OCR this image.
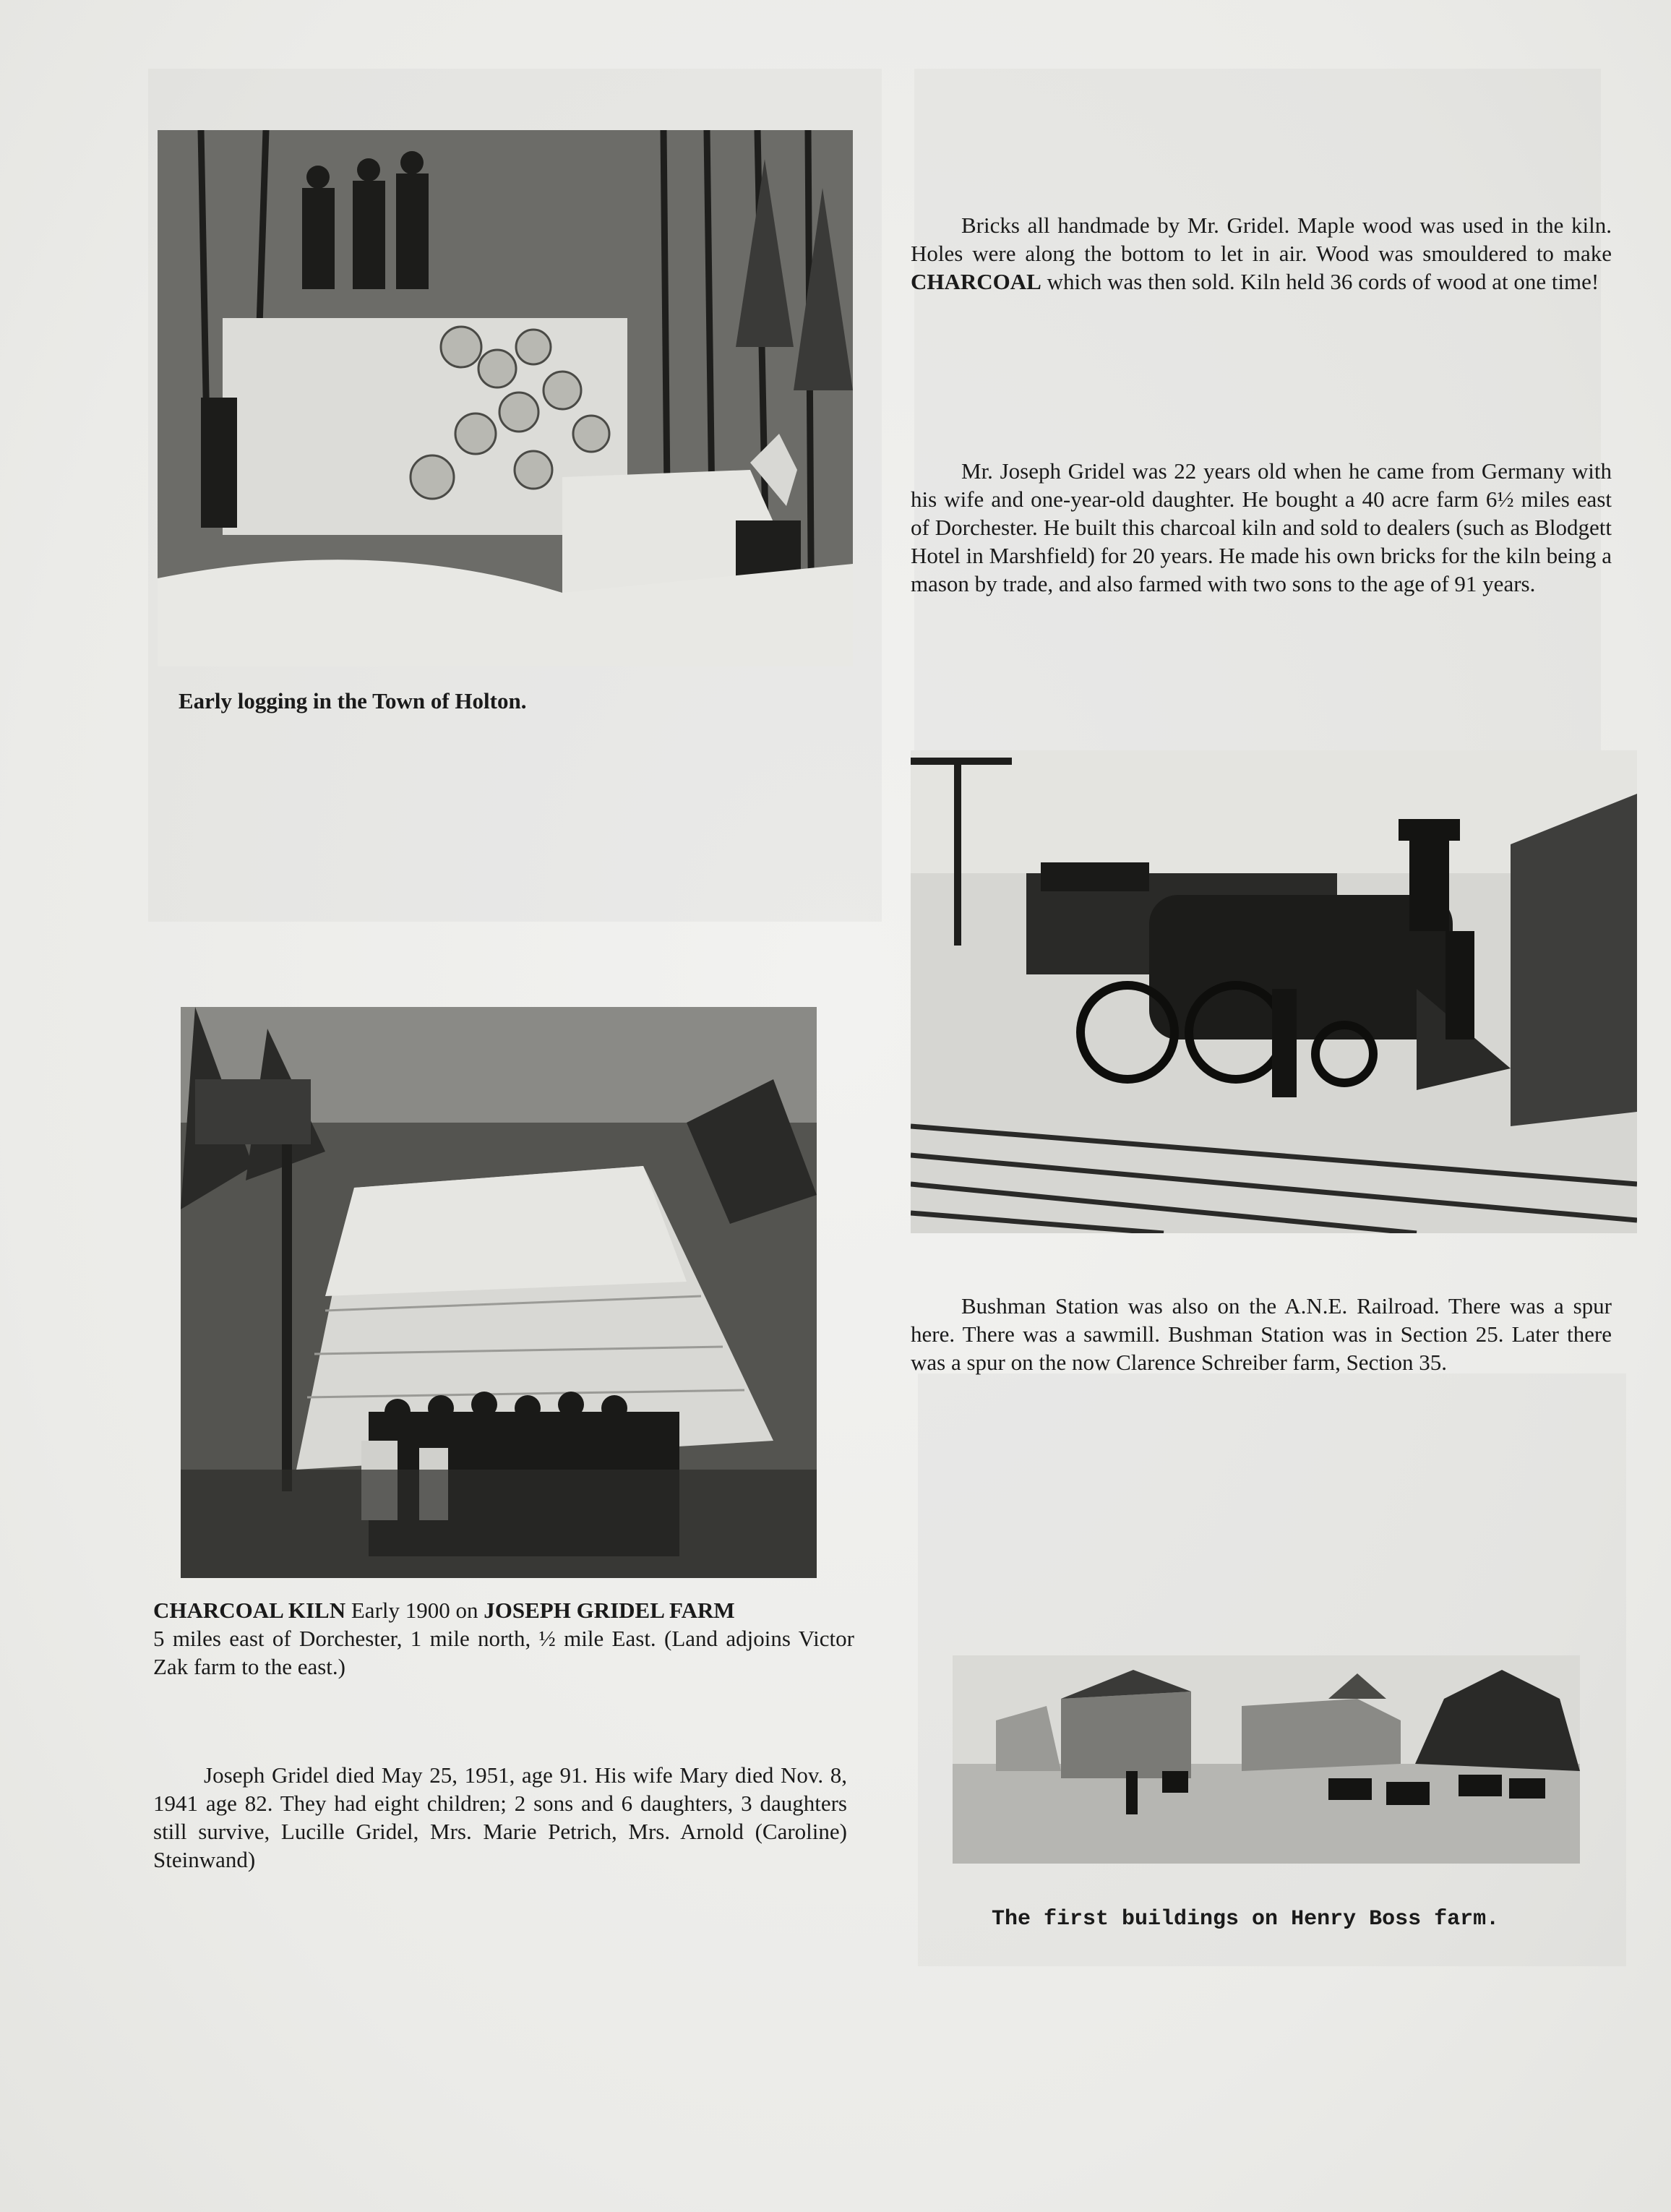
Early logging in the Town of Holton.

Bricks all handmade by Mr. Gridel. Maple wood was used in the kiln. Holes were along the bottom to let in air. Wood was smouldered to make CHARCOAL which was then sold. Kiln held 36 cords of wood at one time!

Mr. Joseph Gridel was 22 years old when he came from Germany with his wife and one-year-old daughter. He bought a 40 acre farm 6½ miles east of Dorchester. He built this charcoal kiln and sold to dealers (such as Blodgett Hotel in Marshfield) for 20 years. He made his own bricks for the kiln being a mason by trade, and also farmed with two sons to the age of 91 years.

Bushman Station was also on the A.N.E. Railroad. There was a spur here. There was a sawmill. Bushman Station was in Section 25. Later there was a spur on the now Clarence Schreiber farm, Section 35.

CHARCOAL KILN Early 1900 on JOSEPH GRIDEL FARM
5 miles east of Dorchester, 1 mile north, ½ mile East. (Land adjoins Victor Zak farm to the east.)

Joseph Gridel died May 25, 1951, age 91. His wife Mary died Nov. 8, 1941 age 82. They had eight children; 2 sons and 6 daughters, 3 daughters still survive, Lucille Gridel, Mrs. Marie Petrich, Mrs. Arnold (Caroline) Steinwand)

The first buildings on Henry Boss farm.
